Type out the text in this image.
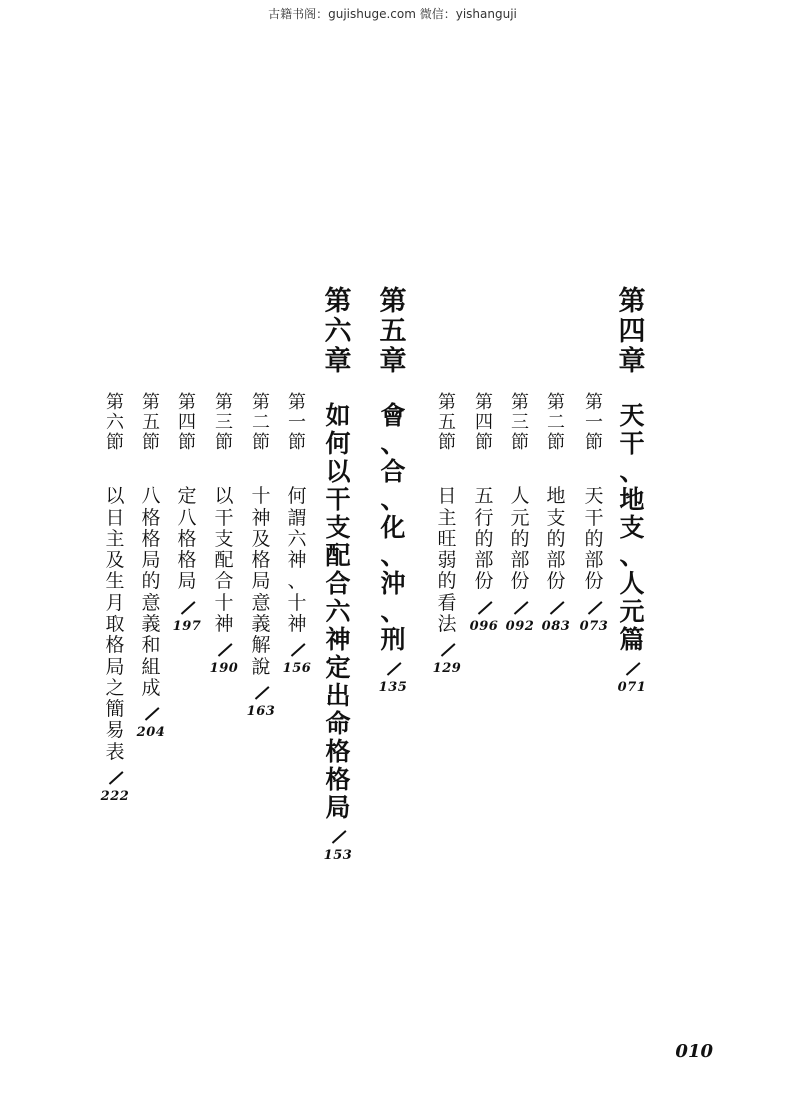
古籍书阁：gujishuge.com 微信：yishanguji
第
四
章
天
干
、
地
支
、
人
元
篇
071
第
一
節
天
干
的
部
份
073
第
二
節
地
支
的
部
份
083
第
三
節
人
元
的
部
份
092
第
四
節
五
行
的
部
份
096
第
五
節
日
主
旺
弱
的
看
法
129
第
五
章
會
、
合
、
化
、
沖
、
刑
135
第
六
章
如
何
以
干
支
配
合
六
神
定
出
命
格
格
局
153
第
一
節
何
謂
六
神
、
十
神
156
第
二
節
十
神
及
格
局
意
義
解
說
163
第
三
節
以
干
支
配
合
十
神
190
第
四
節
定
八
格
格
局
197
第
五
節
八
格
格
局
的
意
義
和
組
成
204
第
六
節
以
日
主
及
生
月
取
格
局
之
簡
易
表
222
010
